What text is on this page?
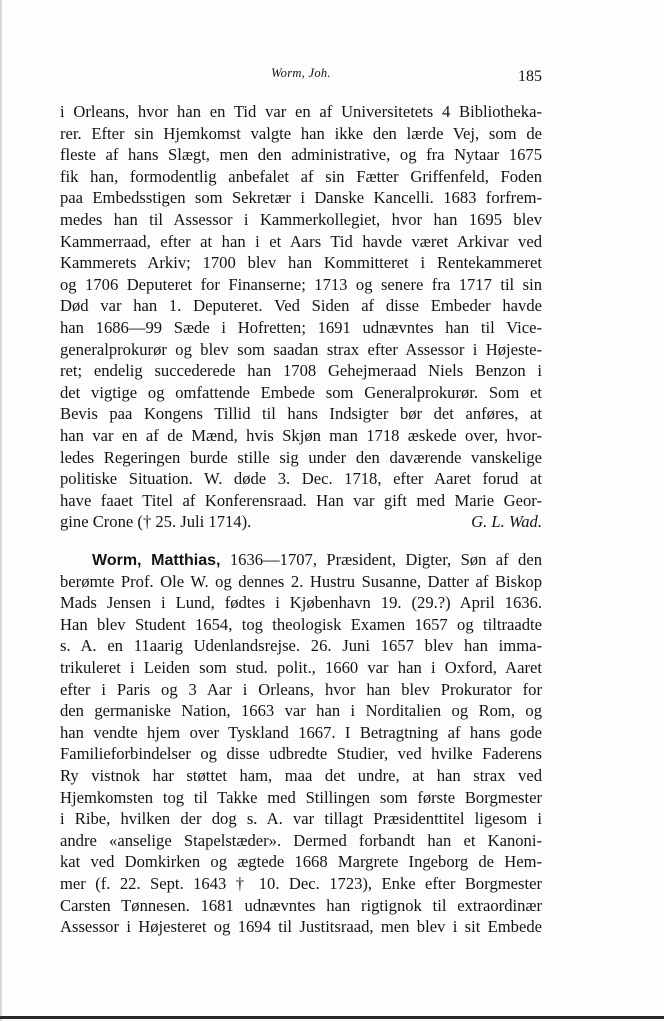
Worm, Joh.	185
i Orleans, hvor han en Tid var en af Universitetets 4 Bibliotheka-
rer. Efter sin Hjemkomst valgte han ikke den lærde Vej, som de
fleste af hans Slægt, men den administrative, og fra Nytaar 1675
fik han, formodentlig anbefalet af sin Fætter Griffenfeld, Foden
paa Embedsstigen som Sekretær i Danske Kancelli. 1683 forfrem-
medes han til Assessor i Kammerkollegiet, hvor han 1695 blev
Kammerraad, efter at han i et Aars Tid havde været Arkivar ved
Kammerets Arkiv; 1700 blev han Kommitteret i Rentekammeret
og 1706 Deputeret for Finanserne; 1713 og senere fra 1717 til sin
Død var han 1. Deputeret. Ved Siden af disse Embeder havde
han 1686—99 Sæde i Hofretten; 1691 udnævntes han til Vice-
generalprokurør og blev som saadan strax efter Assessor i Højeste-
ret; endelig succederede han 1708 Gehejmeraad Niels Benzon i
det vigtige og omfattende Embede som Generalprokurør. Som et
Bevis paa Kongens Tillid til hans Indsigter bør det anføres, at
han var en af de Mænd, hvis Skjøn man 1718 æskede over, hvor-
ledes Regeringen burde stille sig under den daværende vanskelige
politiske Situation. W. døde 3. Dec. 1718, efter Aaret forud at
have faaet Titel af Konferensraad. Han var gift med Marie Geor-
gine Crone († 25. Juli 1714).	G. L. Wad.
Worm, Matthias, 1636—1707, Præsident, Digter, Søn af den
berømte Prof. Ole W. og dennes 2. Hustru Susanne, Datter af Biskop
Mads Jensen i Lund, fødtes i Kjøbenhavn 19. (29.?) April 1636.
Han blev Student 1654, tog theologisk Examen 1657 og tiltraadte
s. A. en 11aarig Udenlandsrejse. 26. Juni 1657 blev han imma-
trikuleret i Leiden som stud. polit., 1660 var han i Oxford, Aaret
efter i Paris og 3 Aar i Orleans, hvor han blev Prokurator for
den germaniske Nation, 1663 var han i Norditalien og Rom, og
han vendte hjem over Tyskland 1667. I Betragtning af hans gode
Familieforbindelser og disse udbredte Studier, ved hvilke Faderens
Ry vistnok har støttet ham, maa det undre, at han strax ved
Hjemkomsten tog til Takke med Stillingen som første Borgmester
i Ribe, hvilken der dog s. A. var tillagt Præsidenttitel ligesom i
andre «anselige Stapelstæder». Dermed forbandt han et Kanoni-
kat ved Domkirken og ægtede 1668 Margrete Ingeborg de Hem-
mer (f. 22. Sept. 1643 † 10. Dec. 1723), Enke efter Borgmester
Carsten Tønnesen. 1681 udnævntes han rigtignok til extraordinær
Assessor i Højesteret og 1694 til Justitsraad, men blev i sit Embede
